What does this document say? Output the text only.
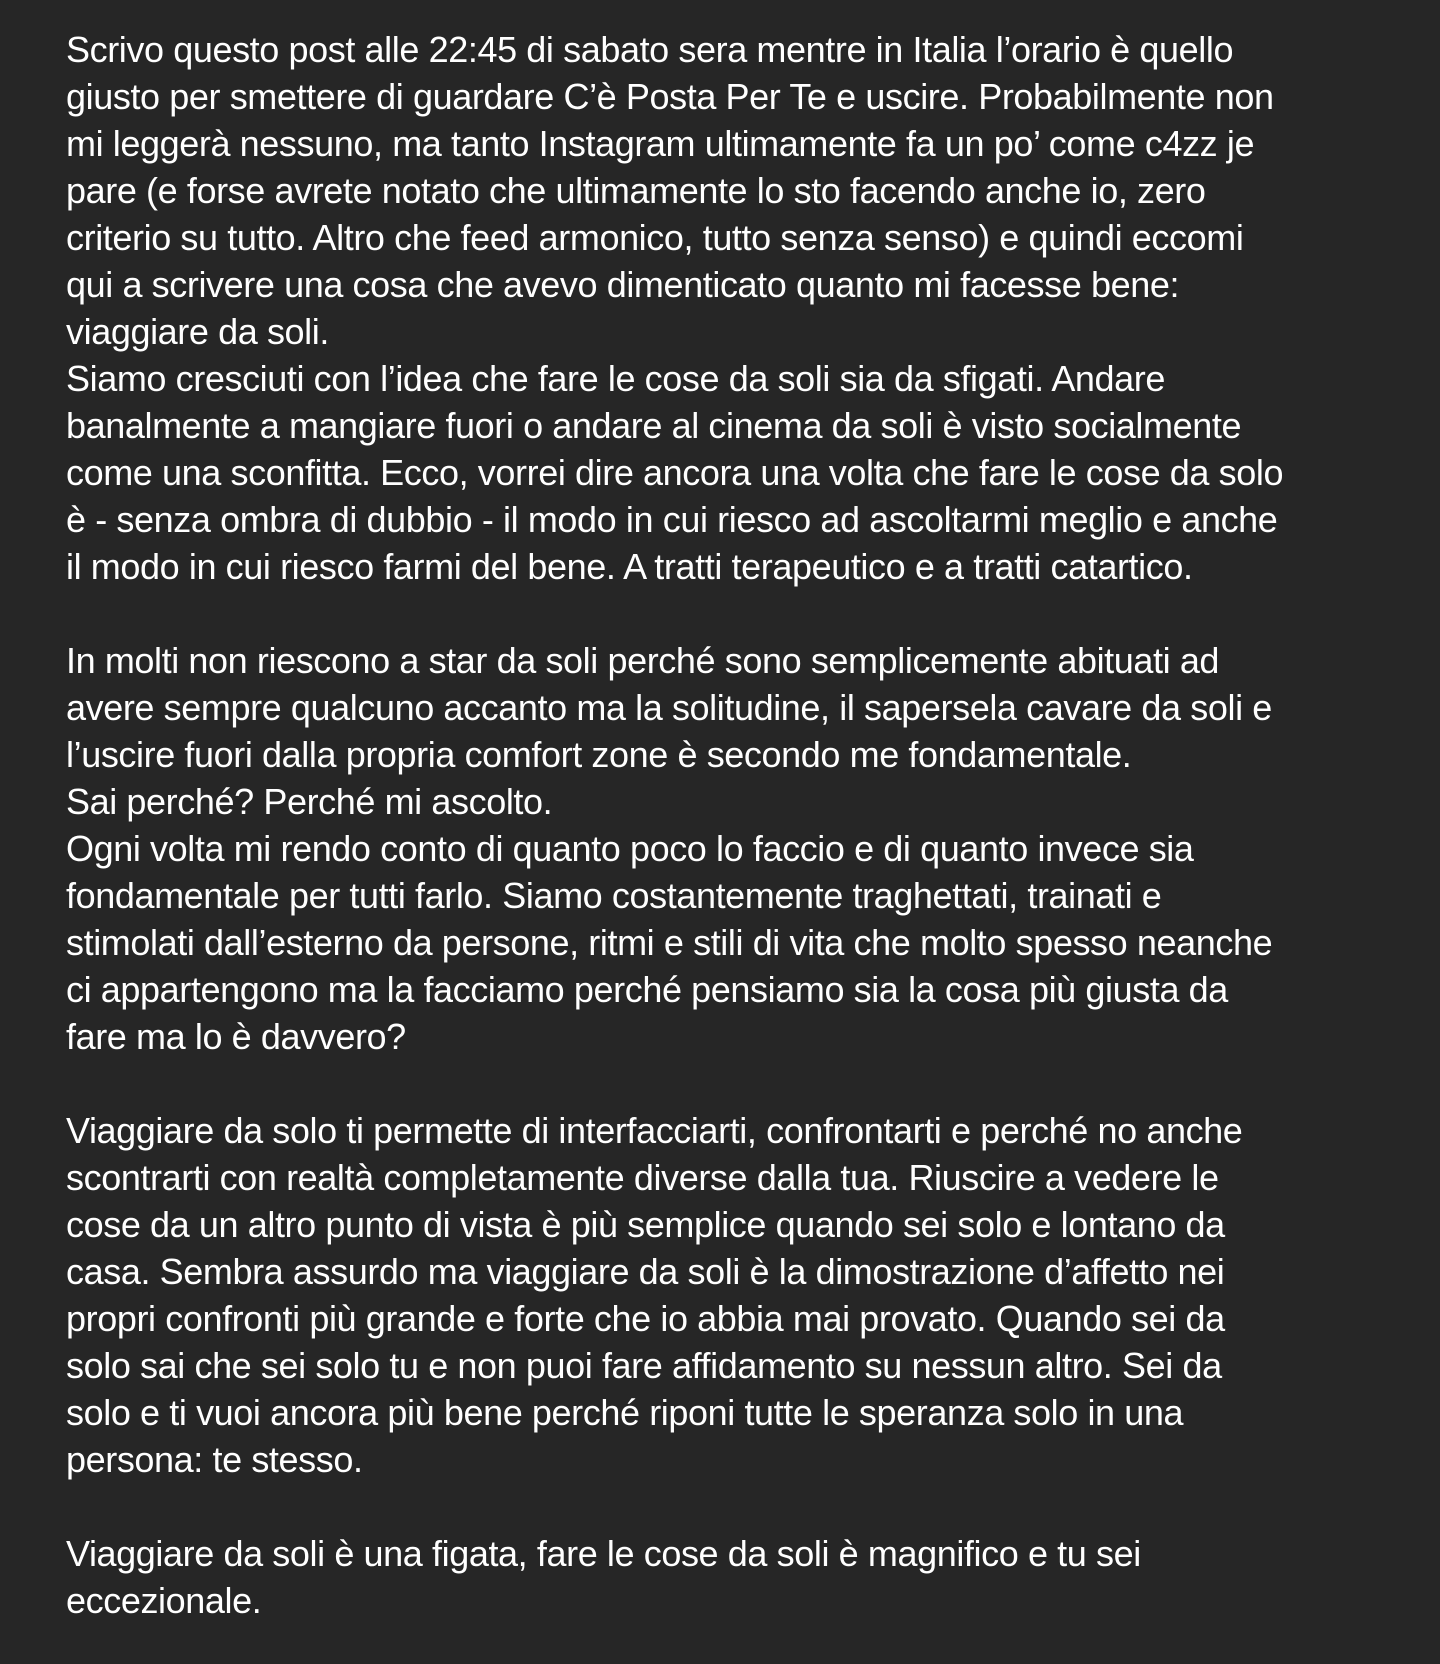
Scrivo questo post alle 22:45 di sabato sera mentre in Italia l’orario è quello
giusto per smettere di guardare C’è Posta Per Te e uscire. Probabilmente non
mi leggerà nessuno, ma tanto Instagram ultimamente fa un po’ come c4zz je
pare (e forse avrete notato che ultimamente lo sto facendo anche io, zero
criterio su tutto. Altro che feed armonico, tutto senza senso) e quindi eccomi
qui a scrivere una cosa che avevo dimenticato quanto mi facesse bene:
viaggiare da soli.
Siamo cresciuti con l’idea che fare le cose da soli sia da sfigati. Andare
banalmente a mangiare fuori o andare al cinema da soli è visto socialmente
come una sconfitta. Ecco, vorrei dire ancora una volta che fare le cose da solo
è - senza ombra di dubbio - il modo in cui riesco ad ascoltarmi meglio e anche
il modo in cui riesco farmi del bene. A tratti terapeutico e a tratti catartico.
In molti non riescono a star da soli perché sono semplicemente abituati ad
avere sempre qualcuno accanto ma la solitudine, il sapersela cavare da soli e
l’uscire fuori dalla propria comfort zone è secondo me fondamentale.
Sai perché? Perché mi ascolto.
Ogni volta mi rendo conto di quanto poco lo faccio e di quanto invece sia
fondamentale per tutti farlo. Siamo costantemente traghettati, trainati e
stimolati dall’esterno da persone, ritmi e stili di vita che molto spesso neanche
ci appartengono ma la facciamo perché pensiamo sia la cosa più giusta da
fare ma lo è davvero?
Viaggiare da solo ti permette di interfacciarti, confrontarti e perché no anche
scontrarti con realtà completamente diverse dalla tua. Riuscire a vedere le
cose da un altro punto di vista è più semplice quando sei solo e lontano da
casa. Sembra assurdo ma viaggiare da soli è la dimostrazione d’affetto nei
propri confronti più grande e forte che io abbia mai provato. Quando sei da
solo sai che sei solo tu e non puoi fare affidamento su nessun altro. Sei da
solo e ti vuoi ancora più bene perché riponi tutte le speranza solo in una
persona: te stesso.
Viaggiare da soli è una figata, fare le cose da soli è magnifico e tu sei
eccezionale.
